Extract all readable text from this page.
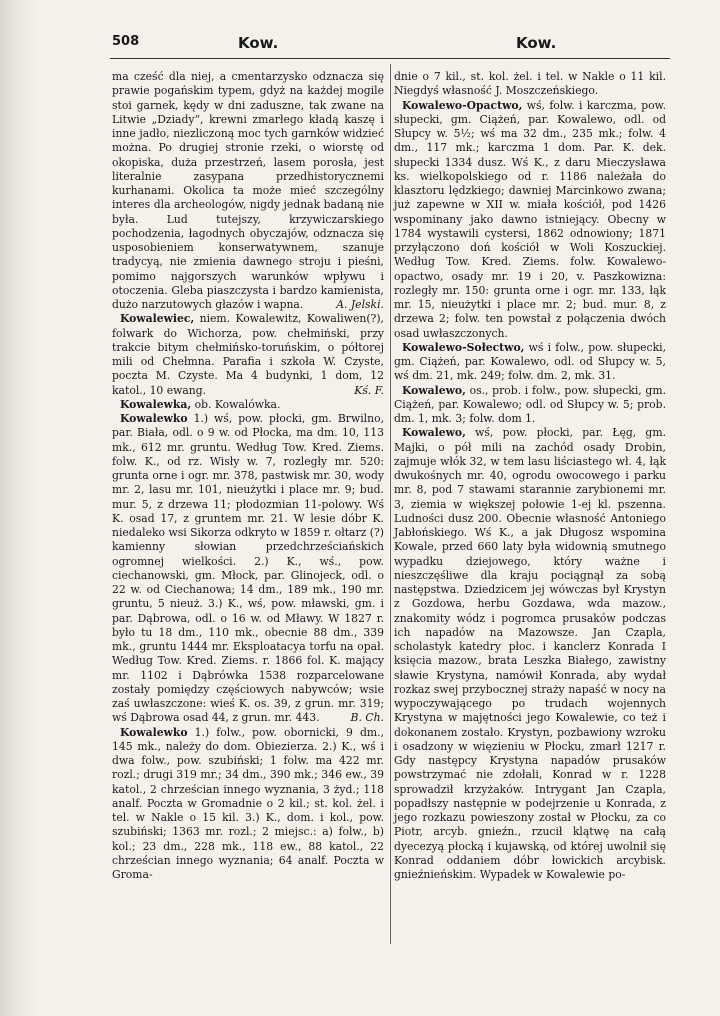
508	Kow.	Kow.

ma cześć dla niej, a cmentarzysko odznacza się prawie pogańskim typem, gdyż na każdej mogile stoi garnek, kędy w dni zaduszne, tak zwane na Litwie „Dziady“, krewni zmarłego kładą kaszę i inne jadło, niezliczoną moc tych garnków widzieć można. Po drugiej stronie rzeki, o wiorstę od okopiska, duża przestrzeń, lasem porosła, jest literalnie zasypana przedhistorycznemi kurhanami. Okolica ta może mieć szczególny interes dla archeologów, nigdy jednak badaną nie była. Lud tutejszy, krzywiczarskiego pochodzenia, łagodnych obyczajów, odznacza się usposobieniem konserwatywnem, szanuje tradycyą, nie zmienia dawnego stroju i pieśni, pomimo najgorszych warunków wpływu i otoczenia. Gleba piaszczysta i bardzo kamienista, dużo narzutowych głazów i wapna.	A. Jelski.

Kowalewiec, niem. Kowalewitz, Kowaliwen(?), folwark do Wichorza, pow. chełmiński, przy trakcie bitym chełmińsko-toruńskim, o półtorej mili od Chełmna. Parafia i szkoła W. Czyste, poczta M. Czyste. Ma 4 budynki, 1 dom, 12 katol., 10 ewang.	Kś. F.

Kowalewka, ob. Kowalówka.

Kowalewko 1.) wś, pow. płocki, gm. Brwilno, par. Biała, odl. o 9 w. od Płocka, ma dm. 10, 113 mk., 612 mr. gruntu. Według Tow. Kred. Ziems. folw. K., od rz. Wisły w. 7, rozległy mr. 520: grunta orne i ogr. mr. 378, pastwisk mr. 30, wody mr. 2, lasu mr. 101, nieużytki i place mr. 9; bud. mur. 5, z drzewa 11; płodozmian 11-polowy. Wś K. osad 17, z gruntem mr. 21. W lesie dóbr K. niedaleko wsi Sikorza odkryto w 1859 r. ołtarz (?) kamienny słowian przedchrześciańskich ogromnej wielkości. 2.) K., wś., pow. ciechanowski, gm. Młock, par. Glinojeck, odl. o 22 w. od Ciechanowa; 14 dm., 189 mk., 190 mr. gruntu, 5 nieuż. 3.) K., wś, pow. mławski, gm. i par. Dąbrowa, odl. o 16 w. od Mławy. W 1827 r. było tu 18 dm., 110 mk., obecnie 88 dm., 339 mk., gruntu 1444 mr. Eksploatacya torfu na opał. Według Tow. Kred. Ziems. r. 1866 fol. K. mający mr. 1102 i Dąbrówka 1538 rozparcelowane zostały pomiędzy częściowych nabywców; wsie zaś uwłaszczone: wieś K. os. 39, z grun. mr. 319; wś Dąbrowa osad 44, z grun. mr. 443.	B. Ch.

Kowalewko 1.) folw., pow. obornicki, 9 dm., 145 mk., należy do dom. Obiezierza. 2.) K., wś i dwa folw., pow. szubiński; 1 folw. ma 422 mr. rozl.; drugi 319 mr.; 34 dm., 390 mk.; 346 ew., 39 katol., 2 chrześcian innego wyznania, 3 żyd.; 118 analf. Poczta w Gromadnie o 2 kil.; st. kol. żel. i tel. w Nakle o 15 kil. 3.) K., dom. i kol., pow. szubiński; 1363 mr. rozl.; 2 miejsc.: a) folw., b) kol.; 23 dm., 228 mk., 118 ew., 88 katol., 22 chrześcian innego wyznania; 64 analf. Poczta w Groma-

dnie o 7 kil., st. kol. żel. i tel. w Nakle o 11 kil. Niegdyś własność J. Moszczeńskiego.

Kowalewo-Opactwo, wś, folw. i karczma, pow. słupecki, gm. Ciążeń, par. Kowalewo, odl. od Słupcy w. 5½; wś ma 32 dm., 235 mk.; folw. 4 dm., 117 mk.; karczma 1 dom. Par. K. dek. słupecki 1334 dusz. Wś K., z daru Mieczysława ks. wielkopolskiego od r. 1186 należała do klasztoru lędzkiego; dawniej Marcinkowo zwana; już zapewne w XII w. miała kościół, pod 1426 wspominany jako dawno istniejący. Obecny w 1784 wystawili cystersi, 1862 odnowiony; 1871 przyłączono doń kościół w Woli Koszuckiej. Według Tow. Kred. Ziems. folw. Kowalewo-opactwo, osady mr. 19 i 20, v. Paszkowizna: rozległy mr. 150: grunta orne i ogr. mr. 133, łąk mr. 15, nieużytki i place mr. 2; bud. mur. 8, z drzewa 2; folw. ten powstał z połączenia dwóch osad uwłaszczonych.

Kowalewo-Sołectwo, wś i folw., pow. słupecki, gm. Ciążeń, par. Kowalewo, odl. od Słupcy w. 5, wś dm. 21, mk. 249; folw. dm. 2, mk. 31.

Kowalewo, os., prob. i folw., pow. słupecki, gm. Ciążeń, par. Kowalewo; odl. od Słupcy w. 5; prob. dm. 1, mk. 3; folw. dom 1.

Kowalewo, wś, pow. płocki, par. Łęg, gm. Majki, o pół mili na zachód osady Drobin, zajmuje włók 32, w tem lasu liściastego wł. 4, łąk dwukośnych mr. 40, ogrodu owocowego i parku mr. 8, pod 7 stawami starannie zarybionemi mr. 3, ziemia w większej połowie 1-ej kl. pszenna. Ludności dusz 200. Obecnie własność Antoniego Jabłońskiego. Wś K., a jak Długosz wspomina Kowale, przed 660 laty była widownią smutnego wypadku dziejowego, który ważne i nieszczęśliwe dla kraju pociągnął za sobą następstwa. Dziedzicem jej wówczas był Krystyn z Gozdowa, herbu Gozdawa, wda mazow., znakomity wódz i pogromca prusaków podczas ich napadów na Mazowsze. Jan Czapla, scholastyk katedry płoc. i kanclerz Konrada I księcia mazow., brata Leszka Białego, zawistny sławie Krystyna, namówił Konrada, aby wydał rozkaz swej przybocznej straży napaść w nocy na wypoczywającego po trudach wojennych Krystyna w majętności jego Kowalewie, co też i dokonanem zostało. Krystyn, pozbawiony wzroku i osadzony w więzieniu w Płocku, zmarł 1217 r. Gdy następcy Krystyna napadów prusaków powstrzymać nie zdołali, Konrad w r. 1228 sprowadził krzyżaków. Intrygant Jan Czapla, popadłszy następnie w podejrzenie u Konrada, z jego rozkazu powieszony został w Płocku, za co Piotr, arcyb. gnieźn., rzucił klątwę na całą dyecezyą płocką i kujawską, od której uwolnił się Konrad oddaniem dóbr łowickich arcybisk. gnieźnieńskim. Wypadek w Kowalewie po-
